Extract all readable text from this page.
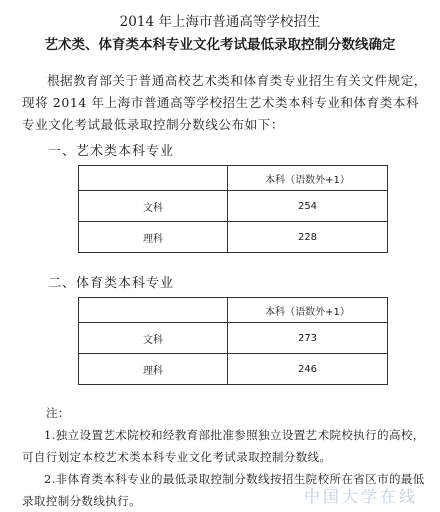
2014 年上海市普通高等学校招生
艺术类、体育类本科专业文化考试最低录取控制分数线确定

根据教育部关于普通高校艺术类和体育类专业招生有关文件规定，现将 2014 年上海市普通高等学校招生艺术类本科专业和体育类本科专业文化考试最低录取控制分数线公布如下：

一、艺术类本科专业
	本科（语数外+1）
文科	254
理科	228
二、体育类本科专业
	本科（语数外+1）
文科	273
理科	246

注：

1.独立设置艺术院校和经教育部批准参照独立设置艺术院校执行的高校，可自行划定本校艺术类本科专业文化考试录取控制分数线。

2.非体育类本科专业的最低录取控制分数线按招生院校所在省区市的最低录取控制分数线执行。	中国大学在线
